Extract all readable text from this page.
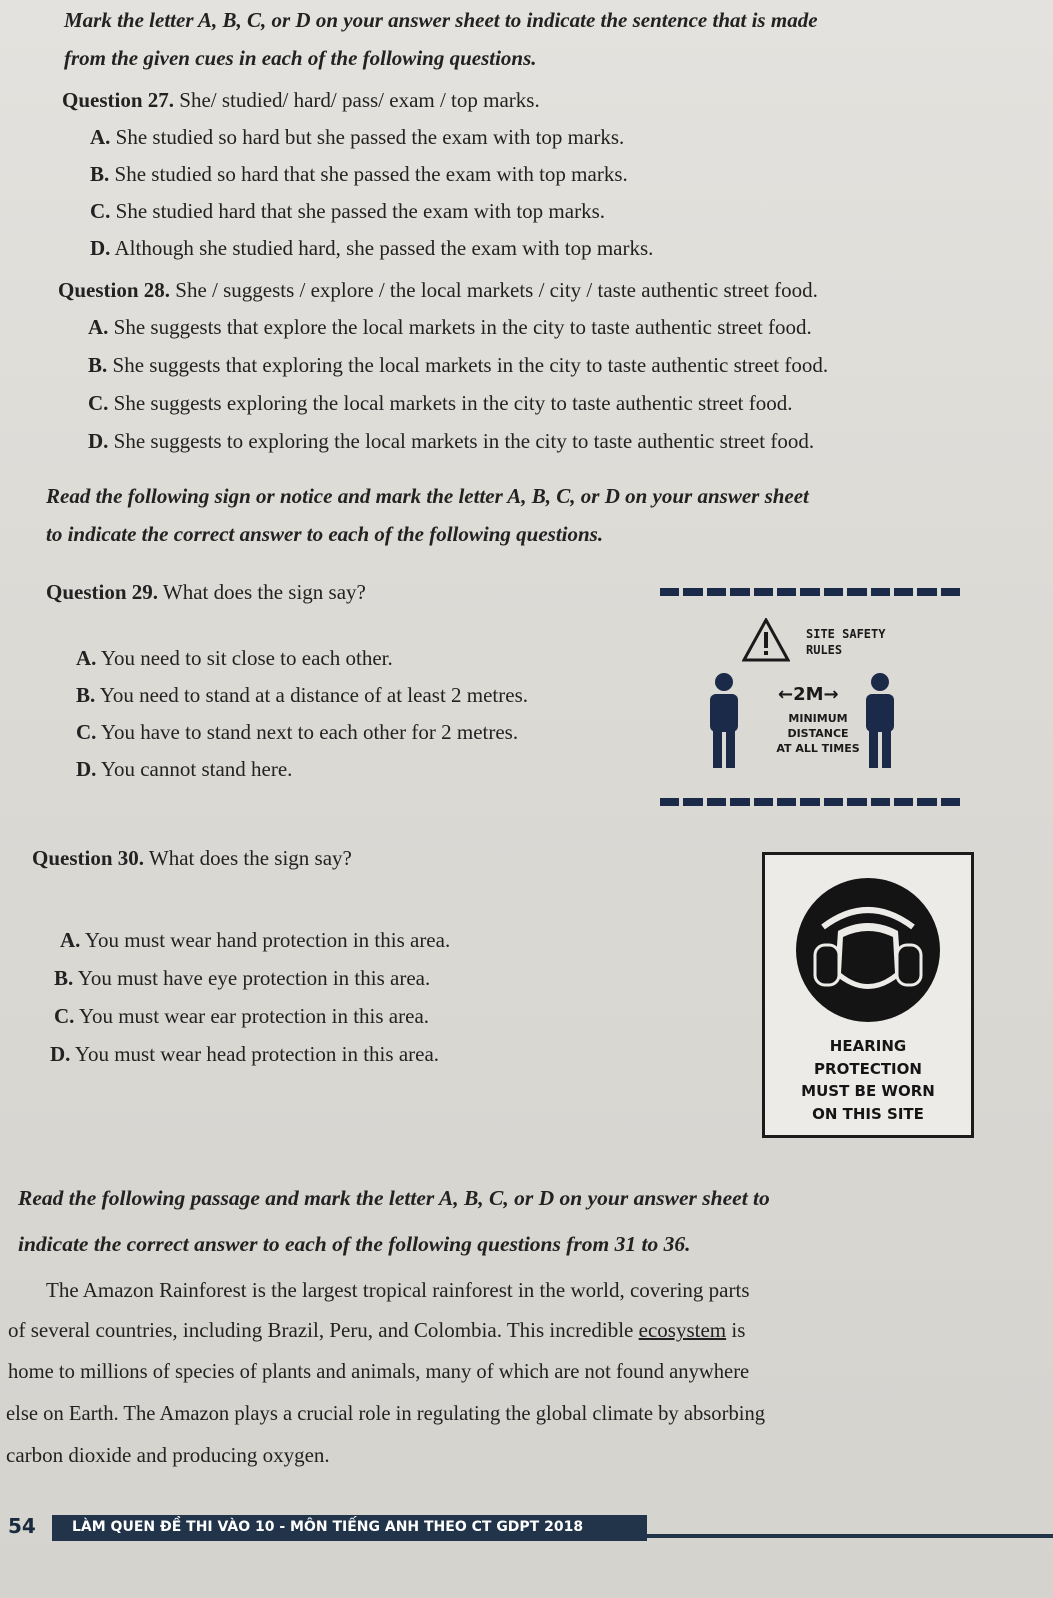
Mark the letter A, B, C, or D on your answer sheet to indicate the sentence that is made
from the given cues in each of the following questions.
Question 27. She/ studied/ hard/ pass/ exam / top marks.
A. She studied so hard but she passed the exam with top marks.
B. She studied so hard that she passed the exam with top marks.
C. She studied hard that she passed the exam with top marks.
D. Although she studied hard, she passed the exam with top marks.
Question 28. She / suggests / explore / the local markets / city / taste authentic street food.
A. She suggests that explore the local markets in the city to taste authentic street food.
B. She suggests that exploring the local markets in the city to taste authentic street food.
C. She suggests exploring the local markets in the city to taste authentic street food.
D. She suggests to exploring the local markets in the city to taste authentic street food.
Read the following sign or notice and mark the letter A, B, C, or D on your answer sheet
to indicate the correct answer to each of the following questions.
Question 29. What does the sign say?
A. You need to sit close to each other.
B. You need to stand at a distance of at least 2 metres.
C. You have to stand next to each other for 2 metres.
D. You cannot stand here.
SITE SAFETY
RULES
←2M→
MINIMUM
DISTANCE
AT ALL TIMES
Question 30. What does the sign say?
A. You must wear hand protection in this area.
B. You must have eye protection in this area.
C. You must wear ear protection in this area.
D. You must wear head protection in this area.	HEARING
PROTECTION
MUST BE WORN
ON THIS SITE
Read the following passage and mark the letter A, B, C, or D on your answer sheet to
indicate the correct answer to each of the following questions from 31 to 36.
The Amazon Rainforest is the largest tropical rainforest in the world, covering parts
of several countries, including Brazil, Peru, and Colombia. This incredible ecosystem is
home to millions of species of plants and animals, many of which are not found anywhere
else on Earth. The Amazon plays a crucial role in regulating the global climate by absorbing
carbon dioxide and producing oxygen.
54	LÀM QUEN ĐỀ THI VÀO 10 - MÔN TIẾNG ANH THEO CT GDPT 2018
